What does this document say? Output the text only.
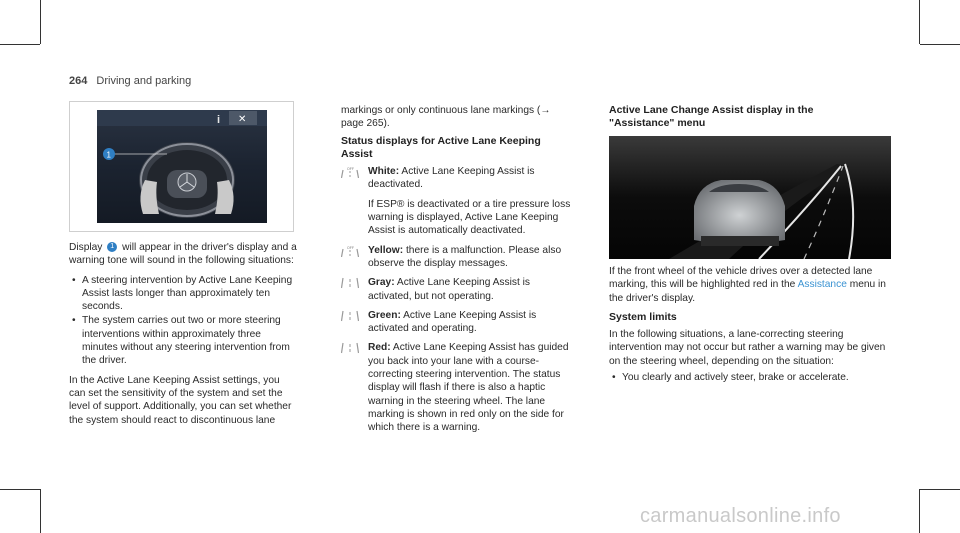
264 Driving and parking
i ✕
1

Display 1 will appear in the driver's display and a warning tone will sound in the following situations:

• A steering intervention by Active Lane Keeping Assist lasts longer than approximately ten seconds.
• The system carries out two or more steering interventions within approximately three minutes without any steering intervention from the driver.

In the Active Lane Keeping Assist settings, you can set the sensitivity of the system and set the level of support. Additionally, you can set whether the system should react to discontinuous lane

markings or only continuous lane markings (→ page 265).

Status displays for Active Lane Keeping Assist
OFF White: Active Lane Keeping Assist is deactivated.
If ESP® is deactivated or a tire pressure loss warning is displayed, Active Lane Keeping Assist is automatically deactivated.
OFF Yellow: there is a malfunction. Please also observe the display messages.
Gray: Active Lane Keeping Assist is activated, but not operating.
Green: Active Lane Keeping Assist is activated and operating.
Red: Active Lane Keeping Assist has guided you back into your lane with a course-correcting steering intervention. The status display will flash if there is also a haptic warning in the steering wheel. The lane marking is shown in red only on the side for which there is a warning.
Active Lane Change Assist display in the "Assistance" menu

If the front wheel of the vehicle drives over a detected lane marking, this will be highlighted red in the Assistance menu in the driver's display.

System limits

In the following situations, a lane-correcting steering intervention may not occur but rather a warning may be given on the steering wheel, depending on the situation:

• You clearly and actively steer, brake or accelerate.
carmanualsonline.info
